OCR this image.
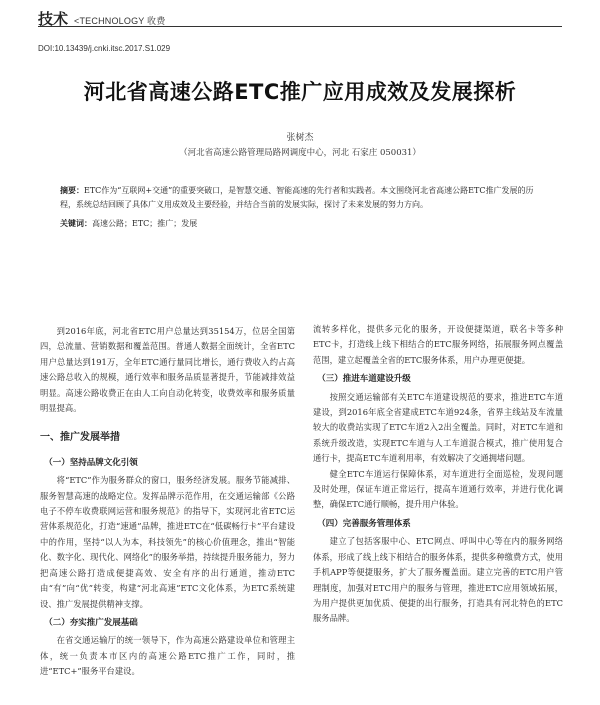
技术 <TECHNOLOGY 收费
DOI:10.13439/j.cnki.itsc.2017.S1.029
河北省高速公路ETC推广应用成效及发展探析
张树杰
（河北省高速公路管理局路网调度中心，河北 石家庄 050031）
摘要：ETC作为“互联网+交通”的重要突破口，是智慧交通、智能高速的先行者和实践者。本文围绕河北省高速公路ETC推广发展的历程，系统总结回顾了具体广义用成效及主要经验，并结合当前的发展实际，探讨了未来发展的努力方向。
关键词：高速公路；ETC；推广；发展

到2016年底，河北省ETC用户总量达到35154万，位居全国第四，总流量、营销数据和覆盖范围。普通人数据全面统计，全省ETC用户总量达到191万，全年ETC通行量同比增长，通行费收入约占高速公路总收入的规模，通行效率和服务品质显著提升，节能减排效益明显。高速公路收费正在由人工向自动化转变，收费效率和服务质量明显提高。

一、推广发展举措
（一）坚持品牌文化引领

将“ETC”作为服务群众的窗口，服务经济发展。服务节能减排、服务智慧高速的战略定位。发挥品牌示范作用，在交通运输部《公路电子不停车收费联网运营和服务规范》的指导下，实现河北省ETC运营体系规范化，打造“速通”品牌，推进ETC在“低碳畅行卡”平台建设中的作用，坚持“以人为本，科技领先”的核心价值理念，推出“智能化、数字化、现代化、网络化”的服务举措，持续提升服务能力，努力把高速公路打造成便捷高效、安全有序的出行通道，推动ETC由“有”向“优”转变，构建“河北高速”ETC文化体系，为ETC系统建设、推广发展提供精神支撑。

（二）夯实推广发展基础

在省交通运输厅的统一领导下，作为高速公路建设单位和管理主体，统一负责本市区内的高速公路ETC推广工作，同时，推进“ETC+”服务平台建设。

流转多样化，提供多元化的服务，开设便捷渠道，联名卡等多种ETC卡，打造线上线下相结合的ETC服务网络，拓展服务网点覆盖范围，建立起覆盖全省的ETC服务体系，用户办理更便捷。

（三）推进车道建设升级

按照交通运输部有关ETC车道建设规范的要求，推进ETC车道建设，到2016年底全省建成ETC车道924条，省界主线站及车流量较大的收费站实现了ETC车道2入2出全覆盖。同时，对ETC车道和系统升级改造，实现ETC车道与人工车道混合模式，推广使用复合通行卡，提高ETC车道利用率，有效解决了交通拥堵问题。

健全ETC车道运行保障体系，对车道进行全面巡检，发现问题及时处理，保证车道正常运行，提高车道通行效率，并进行优化调整，确保ETC通行顺畅，提升用户体验。

（四）完善服务管理体系

建立了包括客服中心、ETC网点、呼叫中心等在内的服务网络体系，形成了线上线下相结合的服务体系，提供多种缴费方式，使用手机APP等便捷服务，扩大了服务覆盖面。建立完善的ETC用户管理制度，加强对ETC用户的服务与管理，推进ETC应用领域拓展，为用户提供更加优质、便捷的出行服务，打造具有河北特色的ETC服务品牌。
